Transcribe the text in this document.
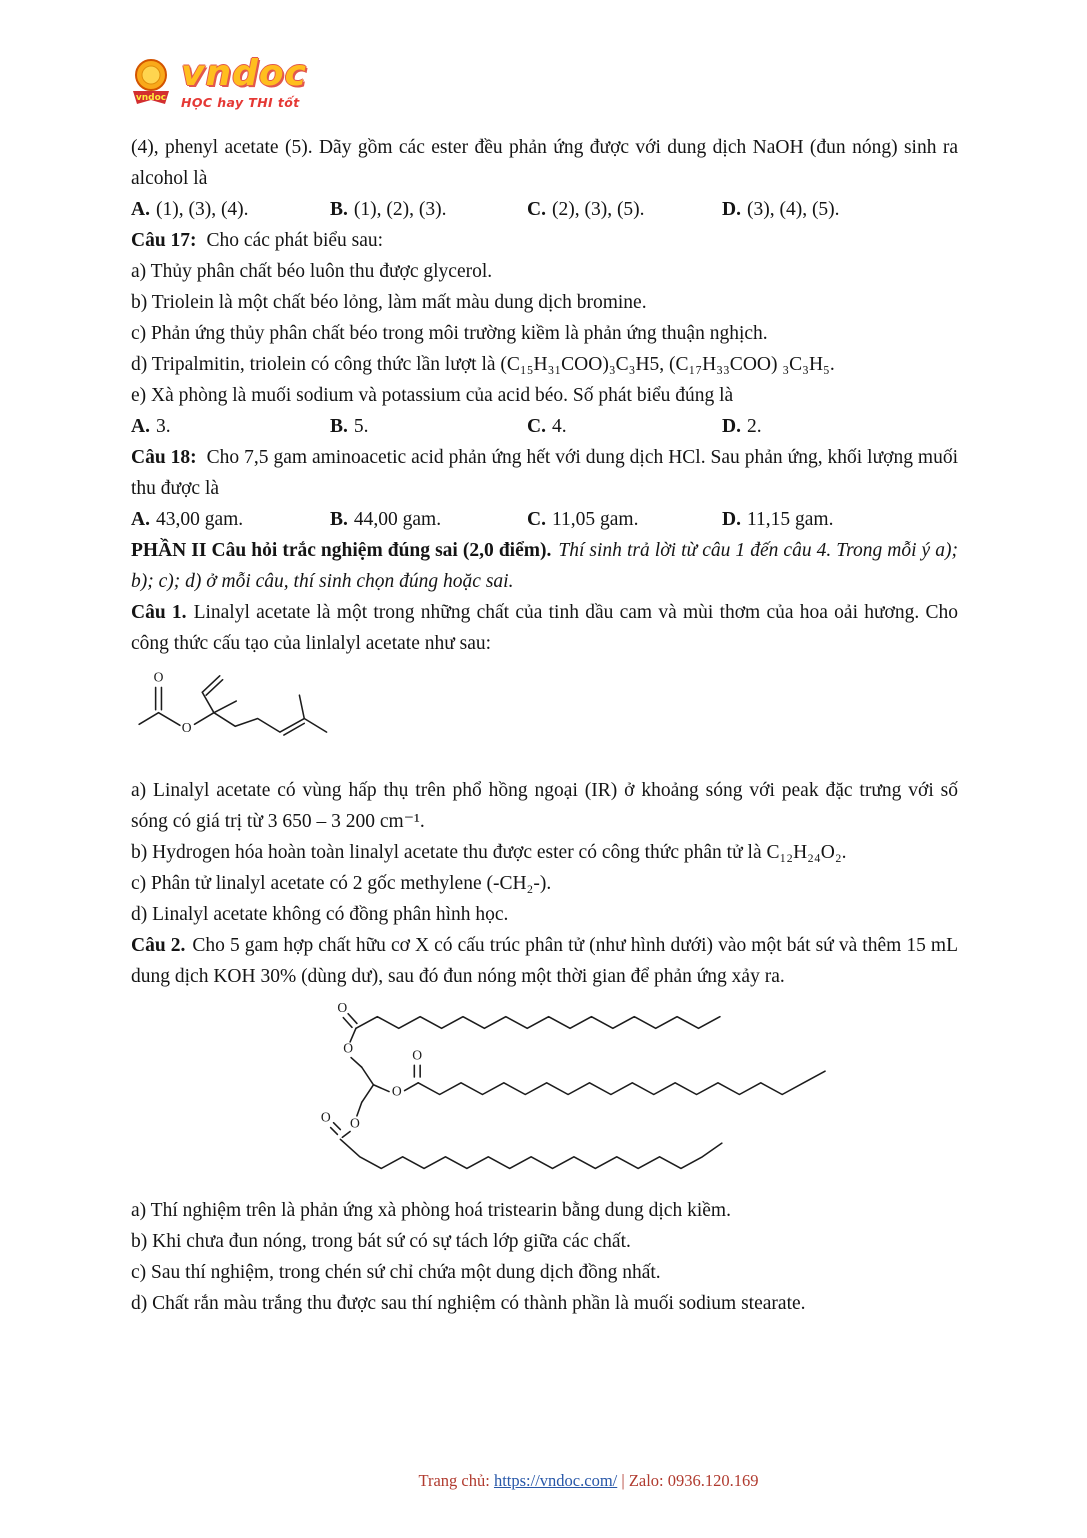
vndoc
vndoc
HỌC hay THI tốt

(4), phenyl acetate (5). Dãy gồm các ester đều phản ứng được với dung dịch NaOH (đun nóng) sinh ra alcohol là

A. (1), (3), (4).	B. (1), (2), (3).	C. (2), (3), (5).	D. (3), (4), (5).

Câu 17: Cho các phát biểu sau:

a) Thủy phân chất béo luôn thu được glycerol.

b) Triolein là một chất béo lỏng, làm mất màu dung dịch bromine.

c) Phản ứng thủy phân chất béo trong môi trường kiềm là phản ứng thuận nghịch.

d) Tripalmitin, triolein có công thức lần lượt là (C₁₅H₃₁COO)₃C₃H5, (C₁₇H₃₃COO) ₃C₃H₅.

e) Xà phòng là muối sodium và potassium của acid béo. Số phát biểu đúng là

A. 3.	B. 5.	C. 4.	D. 2.

Câu 18: Cho 7,5 gam aminoacetic acid phản ứng hết với dung dịch HCl. Sau phản ứng, khối lượng muối thu được là

A. 43,00 gam.	B. 44,00 gam.	C. 11,05 gam.	D. 11,15 gam.

PHẦN II Câu hỏi trắc nghiệm đúng sai (2,0 điểm). Thí sinh trả lời từ câu 1 đến câu 4. Trong mỗi ý a); b); c); d) ở mỗi câu, thí sinh chọn đúng hoặc sai.

Câu 1. Linalyl acetate là một trong những chất của tinh dầu cam và mùi thơm của hoa oải hương. Cho công thức cấu tạo của linlalyl acetate như sau:

O
O

a) Linalyl acetate có vùng hấp thụ trên phổ hồng ngoại (IR) ở khoảng sóng với peak đặc trưng với số sóng có giá trị từ 3 650 – 3 200 cm⁻¹.

b) Hydrogen hóa hoàn toàn linalyl acetate thu được ester có công thức phân tử là C₁₂H₂₄O₂.

c) Phân tử linalyl acetate có 2 gốc methylene (-CH₂-).

d) Linalyl acetate không có đồng phân hình học.

Câu 2. Cho 5 gam hợp chất hữu cơ X có cấu trúc phân tử (như hình dưới) vào một bát sứ và thêm 15 mL dung dịch KOH 30% (dùng dư), sau đó đun nóng một thời gian để phản ứng xảy ra.

O
O	O
O
O
O

a) Thí nghiệm trên là phản ứng xà phòng hoá tristearin bằng dung dịch kiềm.

b) Khi chưa đun nóng, trong bát sứ có sự tách lớp giữa các chất.

c) Sau thí nghiệm, trong chén sứ chỉ chứa một dung dịch đồng nhất.

d) Chất rắn màu trắng thu được sau thí nghiệm có thành phần là muối sodium stearate.

Trang chủ: https://vndoc.com/ | Zalo: 0936.120.169
